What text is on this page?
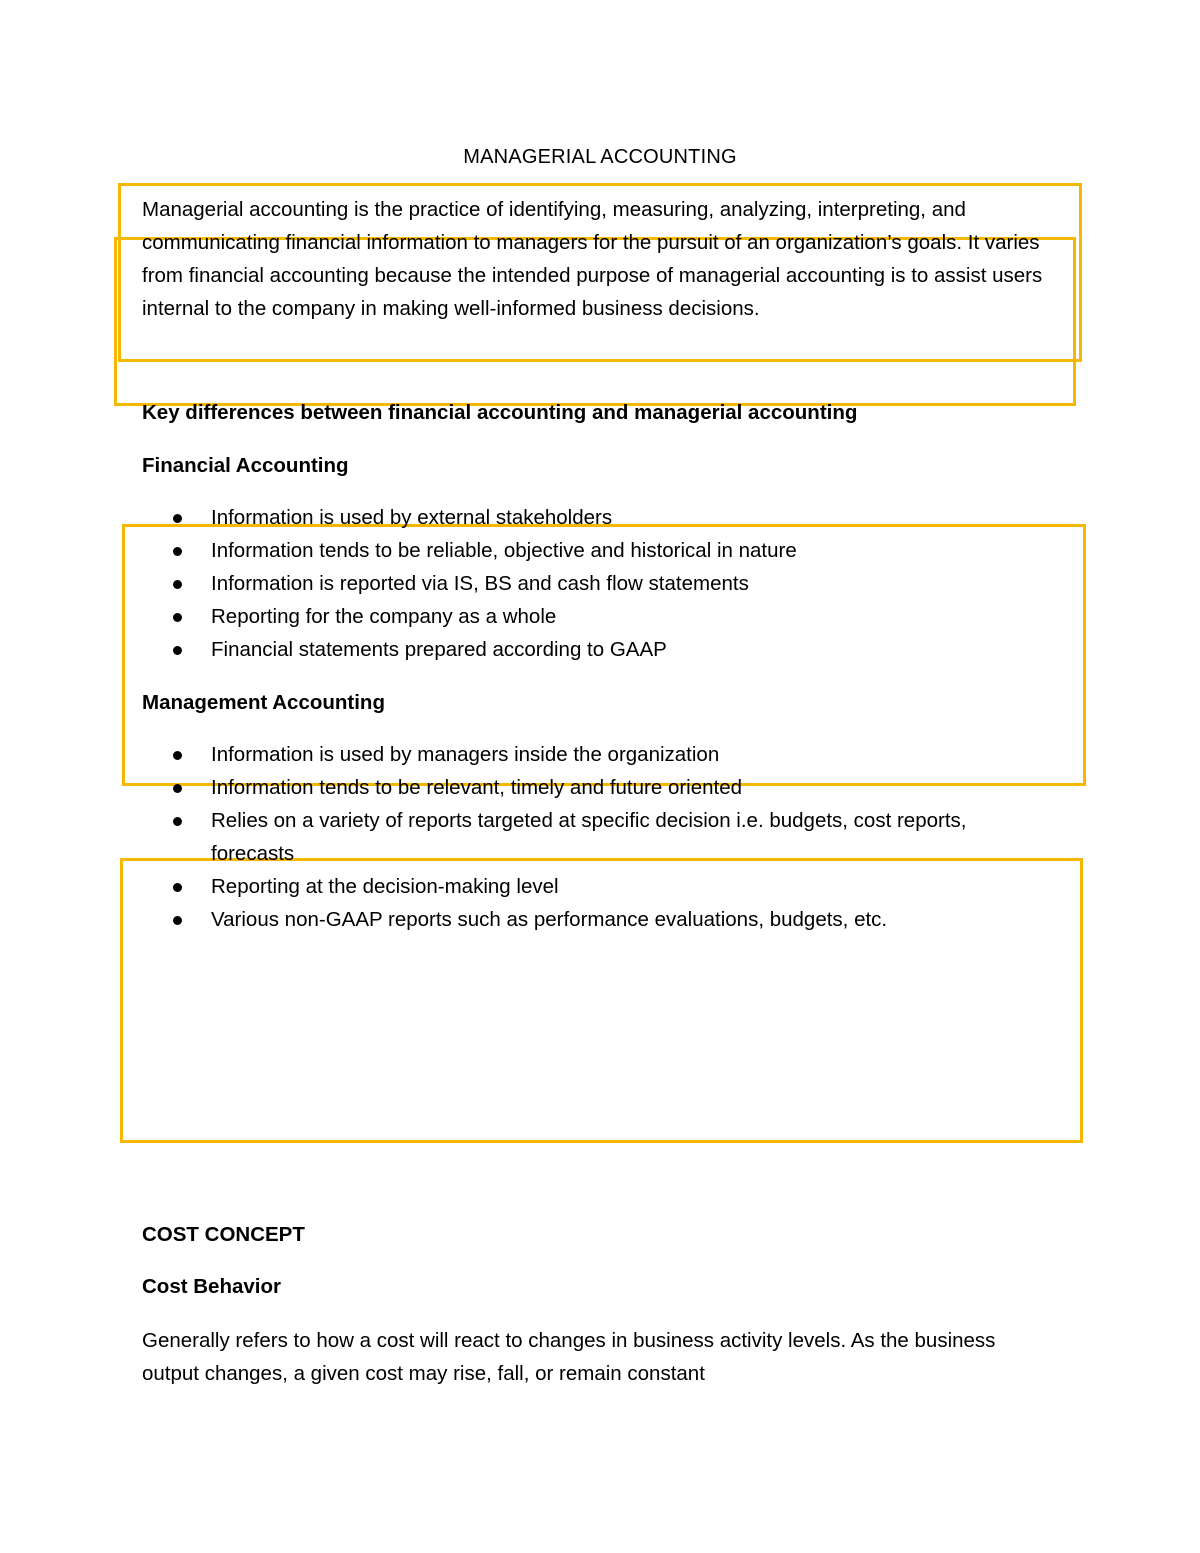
MANAGERIAL ACCOUNTING
Managerial accounting is the practice of identifying, measuring, analyzing, interpreting, and communicating financial information to managers for the pursuit of an organization’s goals. It varies from financial accounting because the intended purpose of managerial accounting is to assist users internal to the company in making well-informed business decisions.
Key differences between financial accounting and managerial accounting
Financial Accounting
Information is used by external stakeholders
Information tends to be reliable, objective and historical in nature
Information is reported via IS, BS and cash flow statements
Reporting for the company as a whole
Financial statements prepared according to GAAP
Management Accounting
Information is used by managers inside the organization
Information tends to be relevant, timely and future oriented
Relies on a variety of reports targeted at specific decision i.e. budgets, cost reports, forecasts
Reporting at the decision-making level
Various non-GAAP reports such as performance evaluations, budgets, etc.
COST CONCEPT
Cost Behavior
Generally refers to how a cost will react to changes in business activity levels. As the business output changes, a given cost may rise, fall, or remain constant
